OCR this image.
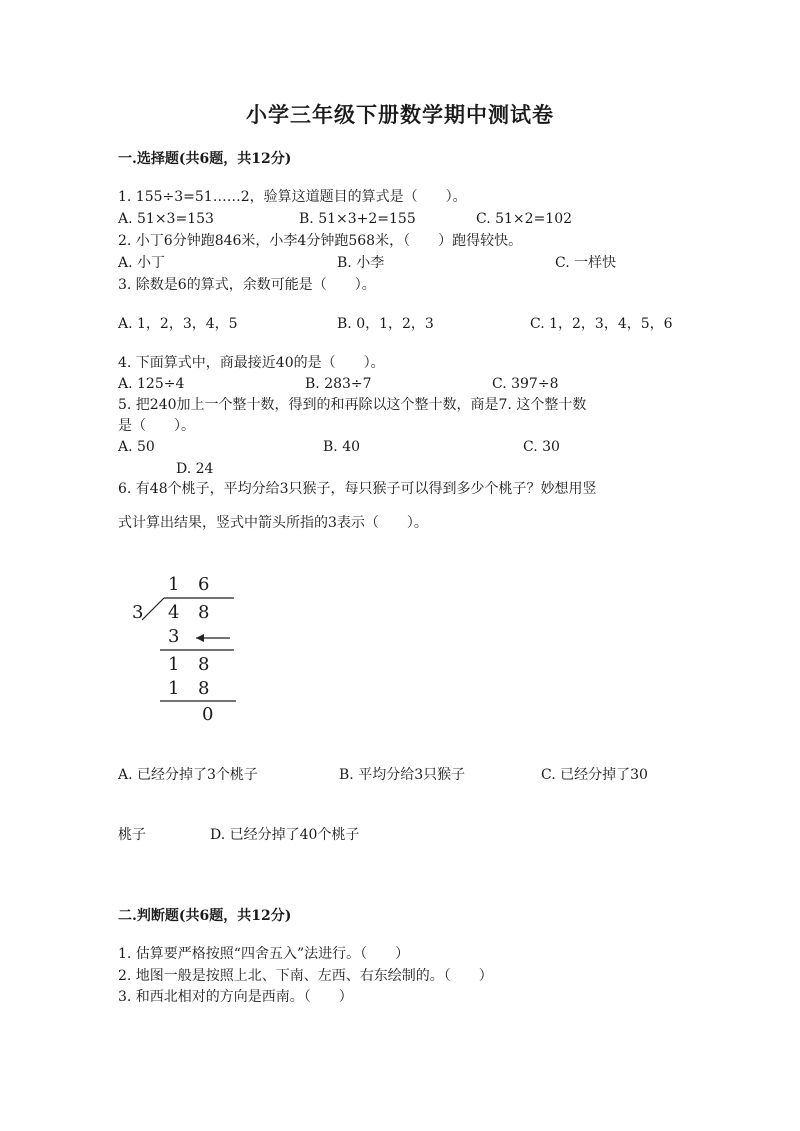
小学三年级下册数学期中测试卷
一.选择题(共6题，共12分)
1. 155÷3=51……2，验算这道题目的算式是（　　）。
A. 51×3=153	B. 51×3+2=155	C. 51×2=102
2. 小丁6分钟跑846米，小李4分钟跑568米，（　　）跑得较快。
A. 小丁	B. 小李	C. 一样快
3. 除数是6的算式，余数可能是（　　）。
A. 1，2，3，4，5	B. 0，1，2，3	C. 1，2，3，4，5，6
4. 下面算式中，商最接近40的是（　　）。
A. 125÷4	B. 283÷7	C. 397÷8
5. 把240加上一个整十数，得到的和再除以这个整十数，商是7. 这个整十数
是（　　）。
A. 50	B. 40	C. 30
D. 24
6. 有48个桃子，平均分给3只猴子，每只猴子可以得到多少个桃子？妙想用竖
式计算出结果，竖式中箭头所指的3表示（　　）。
1 6
3 4 8
3
1 8
1 8
0
A. 已经分掉了3个桃子	B. 平均分给3只猴子	C. 已经分掉了30
桃子	D. 已经分掉了40个桃子
二.判断题(共6题，共12分)
1. 估算要严格按照“四舍五入”法进行。（　　）
2. 地图一般是按照上北、下南、左西、右东绘制的。（　　）
3. 和西北相对的方向是西南。（　　）
